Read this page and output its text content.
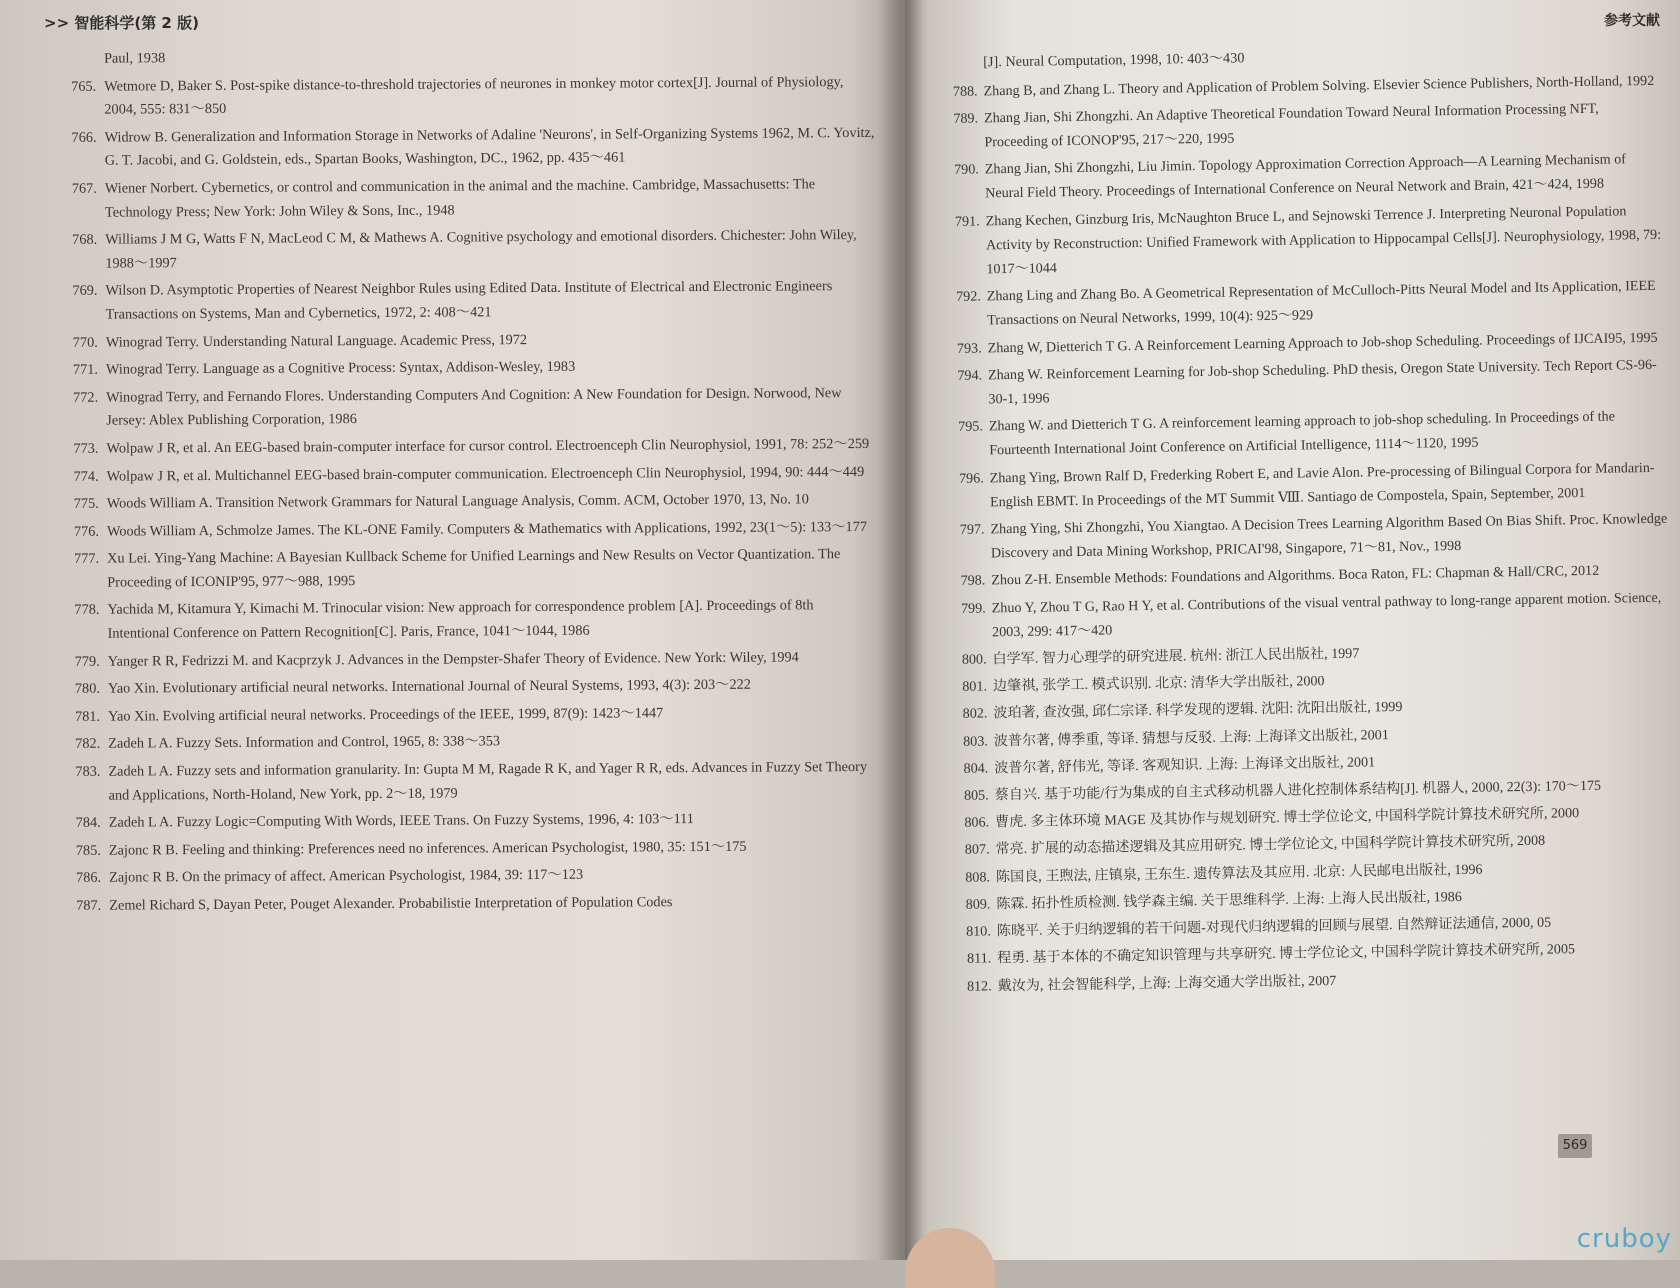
>> 智能科学(第 2 版)
Paul, 1938
765. Wetmore D, Baker S. Post-spike distance-to-threshold trajectories of neurones in monkey motor cortex[J]. Journal of Physiology, 2004, 555: 831～850
766. Widrow B. Generalization and Information Storage in Networks of Adaline 'Neurons', in Self-Organizing Systems 1962, M. C. Yovitz, G. T. Jacobi, and G. Goldstein, eds., Spartan Books, Washington, DC., 1962, pp. 435～461
767. Wiener Norbert. Cybernetics, or control and communication in the animal and the machine. Cambridge, Massachusetts: The Technology Press; New York: John Wiley & Sons, Inc., 1948
768. Williams J M G, Watts F N, MacLeod C M, & Mathews A. Cognitive psychology and emotional disorders. Chichester: John Wiley, 1988～1997
769. Wilson D. Asymptotic Properties of Nearest Neighbor Rules using Edited Data. Institute of Electrical and Electronic Engineers Transactions on Systems, Man and Cybernetics, 1972, 2: 408～421
770. Winograd Terry. Understanding Natural Language. Academic Press, 1972
771. Winograd Terry. Language as a Cognitive Process: Syntax, Addison-Wesley, 1983
772. Winograd Terry, and Fernando Flores. Understanding Computers And Cognition: A New Foundation for Design. Norwood, New Jersey: Ablex Publishing Corporation, 1986
773. Wolpaw J R, et al. An EEG-based brain-computer interface for cursor control. Electroenceph Clin Neurophysiol, 1991, 78: 252～259
774. Wolpaw J R, et al. Multichannel EEG-based brain-computer communication. Electroenceph Clin Neurophysiol, 1994, 90: 444～449
775. Woods William A. Transition Network Grammars for Natural Language Analysis, Comm. ACM, October 1970, 13, No. 10
776. Woods William A, Schmolze James. The KL-ONE Family. Computers & Mathematics with Applications, 1992, 23(1～5): 133～177
777. Xu Lei. Ying-Yang Machine: A Bayesian Kullback Scheme for Unified Learnings and New Results on Vector Quantization. The Proceeding of ICONIP'95, 977～988, 1995
778. Yachida M, Kitamura Y, Kimachi M. Trinocular vision: New approach for correspondence problem [A]. Proceedings of 8th Intentional Conference on Pattern Recognition[C]. Paris, France, 1041～1044, 1986
779. Yanger R R, Fedrizzi M. and Kacprzyk J. Advances in the Dempster-Shafer Theory of Evidence. New York: Wiley, 1994
780. Yao Xin. Evolutionary artificial neural networks. International Journal of Neural Systems, 1993, 4(3): 203～222
781. Yao Xin. Evolving artificial neural networks. Proceedings of the IEEE, 1999, 87(9): 1423～1447
782. Zadeh L A. Fuzzy Sets. Information and Control, 1965, 8: 338～353
783. Zadeh L A. Fuzzy sets and information granularity. In: Gupta M M, Ragade R K, and Yager R R, eds. Advances in Fuzzy Set Theory and Applications, North-Holand, New York, pp. 2～18, 1979
784. Zadeh L A. Fuzzy Logic=Computing With Words, IEEE Trans. On Fuzzy Systems, 1996, 4: 103～111
785. Zajonc R B. Feeling and thinking: Preferences need no inferences. American Psychologist, 1980, 35: 151～175
786. Zajonc R B. On the primacy of affect. American Psychologist, 1984, 39: 117～123
787. Zemel Richard S, Dayan Peter, Pouget Alexander. Probabilistie Interpretation of Population Codes
参考文献
[J]. Neural Computation, 1998, 10: 403～430
788. Zhang B, and Zhang L. Theory and Application of Problem Solving. Elsevier Science Publishers, North-Holland, 1992
789. Zhang Jian, Shi Zhongzhi. An Adaptive Theoretical Foundation Toward Neural Information Processing NFT, Proceeding of ICONOP'95, 217～220, 1995
790. Zhang Jian, Shi Zhongzhi, Liu Jimin. Topology Approximation Correction Approach—A Learning Mechanism of Neural Field Theory. Proceedings of International Conference on Neural Network and Brain, 421～424, 1998
791. Zhang Kechen, Ginzburg Iris, McNaughton Bruce L, and Sejnowski Terrence J. Interpreting Neuronal Population Activity by Reconstruction: Unified Framework with Application to Hippocampal Cells[J]. Neurophysiology, 1998, 79: 1017～1044
792. Zhang Ling and Zhang Bo. A Geometrical Representation of McCulloch-Pitts Neural Model and Its Application, IEEE Transactions on Neural Networks, 1999, 10(4): 925～929
793. Zhang W, Dietterich T G. A Reinforcement Learning Approach to Job-shop Scheduling. Proceedings of IJCAI95, 1995
794. Zhang W. Reinforcement Learning for Job-shop Scheduling. PhD thesis, Oregon State University. Tech Report CS-96-30-1, 1996
795. Zhang W. and Dietterich T G. A reinforcement learning approach to job-shop scheduling. In Proceedings of the Fourteenth International Joint Conference on Artificial Intelligence, 1114～1120, 1995
796. Zhang Ying, Brown Ralf D, Frederking Robert E, and Lavie Alon. Pre-processing of Bilingual Corpora for Mandarin-English EBMT. In Proceedings of the MT Summit Ⅷ. Santiago de Compostela, Spain, September, 2001
797. Zhang Ying, Shi Zhongzhi, You Xiangtao. A Decision Trees Learning Algorithm Based On Bias Shift. Proc. Knowledge Discovery and Data Mining Workshop, PRICAI'98, Singapore, 71～81, Nov., 1998
798. Zhou Z-H. Ensemble Methods: Foundations and Algorithms. Boca Raton, FL: Chapman & Hall/CRC, 2012
799. Zhuo Y, Zhou T G, Rao H Y, et al. Contributions of the visual ventral pathway to long-range apparent motion. Science, 2003, 299: 417～420
800. 白学军. 智力心理学的研究进展. 杭州: 浙江人民出版社, 1997
801. 边肇祺, 张学工. 模式识别. 北京: 清华大学出版社, 2000
802. 波珀著, 查汝强, 邱仁宗译. 科学发现的逻辑. 沈阳: 沈阳出版社, 1999
803. 波普尔著, 傅季重, 等译. 猜想与反驳. 上海: 上海译文出版社, 2001
804. 波普尔著, 舒伟光, 等译. 客观知识. 上海: 上海译文出版社, 2001
805. 蔡自兴. 基于功能/行为集成的自主式移动机器人进化控制体系结构[J]. 机器人, 2000, 22(3): 170～175
806. 曹虎. 多主体环境 MAGE 及其协作与规划研究. 博士学位论文, 中国科学院计算技术研究所, 2000
807. 常亮. 扩展的动态描述逻辑及其应用研究. 博士学位论文, 中国科学院计算技术研究所, 2008
808. 陈国良, 王煦法, 庄镇泉, 王东生. 遗传算法及其应用. 北京: 人民邮电出版社, 1996
809. 陈霖. 拓扑性质检测. 钱学森主编. 关于思维科学. 上海: 上海人民出版社, 1986
810. 陈晓平. 关于归纳逻辑的若干问题-对现代归纳逻辑的回顾与展望. 自然辩证法通信, 2000, 05
811. 程勇. 基于本体的不确定知识管理与共享研究. 博士学位论文, 中国科学院计算技术研究所, 2005
812. 戴汝为, 社会智能科学, 上海: 上海交通大学出版社, 2007
569
cruboy
